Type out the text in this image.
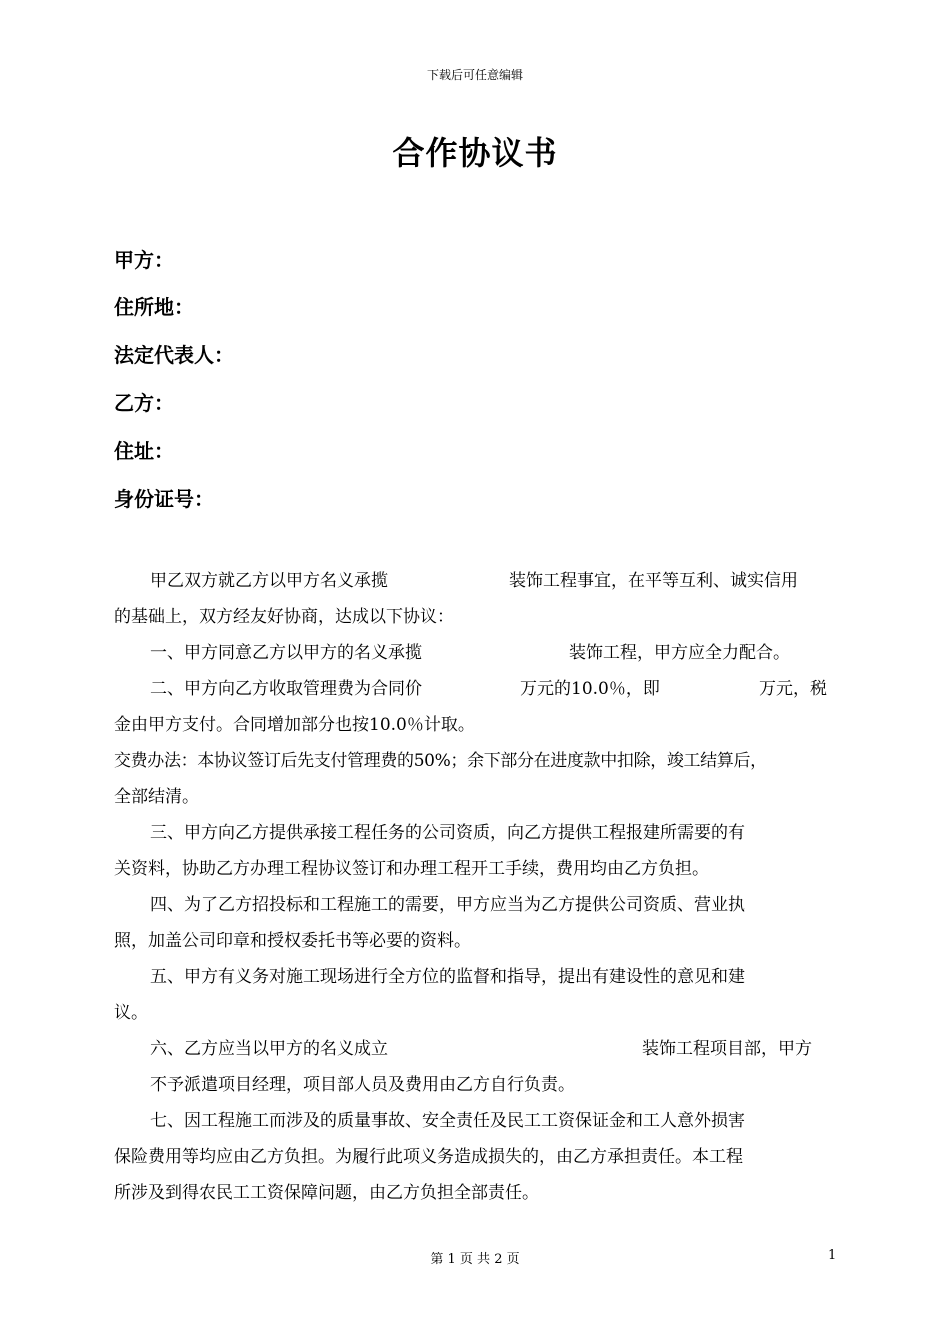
下载后可任意编辑
合作协议书
甲方：
住所地：
法定代表人：
乙方：
住址：
身份证号：
甲乙双方就乙方以甲方名义承揽	装饰工程事宜，在平等互利、诚实信用
的基础上，双方经友好协商，达成以下协议：
一、甲方同意乙方以甲方的名义承揽	装饰工程，甲方应全力配合。
二、甲方向乙方收取管理费为合同价	万元的10.0％，即	万元，税
金由甲方支付。合同增加部分也按10.0％计取。
交费办法：本协议签订后先支付管理费的50%；余下部分在进度款中扣除，竣工结算后，
全部结清。
三、甲方向乙方提供承接工程任务的公司资质，向乙方提供工程报建所需要的有
关资料，协助乙方办理工程协议签订和办理工程开工手续，费用均由乙方负担。
四、为了乙方招投标和工程施工的需要，甲方应当为乙方提供公司资质、营业执
照，加盖公司印章和授权委托书等必要的资料。
五、甲方有义务对施工现场进行全方位的监督和指导，提出有建设性的意见和建
议。
六、乙方应当以甲方的名义成立	装饰工程项目部，甲方
不予派遣项目经理，项目部人员及费用由乙方自行负责。
七、因工程施工而涉及的质量事故、安全责任及民工工资保证金和工人意外损害
保险费用等均应由乙方负担。为履行此项义务造成损失的，由乙方承担责任。本工程
所涉及到得农民工工资保障问题，由乙方负担全部责任。
第 1 页 共 2 页	1
